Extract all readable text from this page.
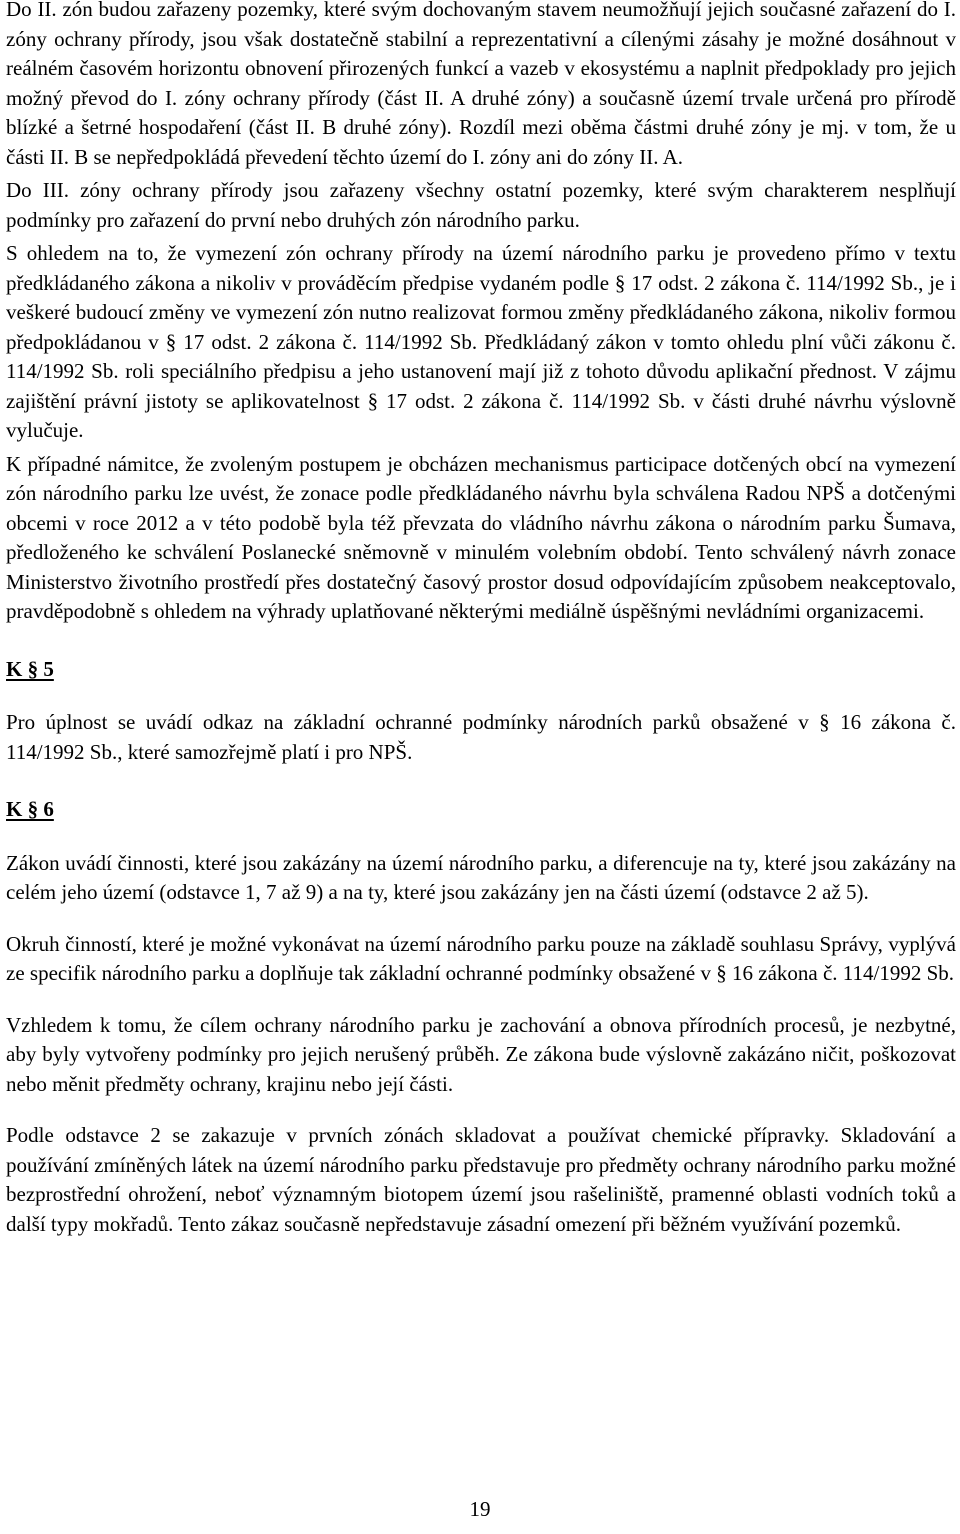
Do II. zón budou zařazeny pozemky, které svým dochovaným stavem neumožňují jejich současné zařazení do I. zóny ochrany přírody, jsou však dostatečně stabilní a reprezentativní a cílenými zásahy je možné dosáhnout v reálném časovém horizontu obnovení přirozených funkcí a vazeb v ekosystému a naplnit předpoklady pro jejich možný převod do I. zóny ochrany přírody (část II. A druhé zóny) a současně území trvale určená pro přírodě blízké a šetrné hospodaření (část II. B druhé zóny). Rozdíl mezi oběma částmi druhé zóny je mj. v tom, že u části II. B se nepředpokládá převedení těchto území do I. zóny ani do zóny II. A.

Do III. zóny ochrany přírody jsou zařazeny všechny ostatní pozemky, které svým charakterem nesplňují podmínky pro zařazení do první nebo druhých zón národního parku.

S ohledem na to, že vymezení zón ochrany přírody na území národního parku je provedeno přímo v textu předkládaného zákona a nikoliv v prováděcím předpise vydaném podle § 17 odst. 2 zákona č. 114/1992 Sb., je i veškeré budoucí změny ve vymezení zón nutno realizovat formou změny předkládaného zákona, nikoliv formou předpokládanou v § 17 odst. 2 zákona č. 114/1992 Sb. Předkládaný zákon v tomto ohledu plní vůči zákonu č. 114/1992 Sb. roli speciálního předpisu a jeho ustanovení mají již z tohoto důvodu aplikační přednost. V zájmu zajištění právní jistoty se aplikovatelnost § 17 odst. 2 zákona č. 114/1992 Sb. v části druhé návrhu výslovně vylučuje.

K případné námitce, že zvoleným postupem je obcházen mechanismus participace dotčených obcí na vymezení zón národního parku lze uvést, že zonace podle předkládaného návrhu byla schválena Radou NPŠ a dotčenými obcemi v roce 2012 a v této podobě byla též převzata do vládního návrhu zákona o národním parku Šumava, předloženého ke schválení Poslanecké sněmovně v minulém volebním období. Tento schválený návrh zonace Ministerstvo životního prostředí přes dostatečný časový prostor dosud odpovídajícím způsobem neakceptovalo, pravděpodobně s ohledem na výhrady uplatňované některými mediálně úspěšnými nevládními organizacemi.

K § 5

Pro úplnost se uvádí odkaz na základní ochranné podmínky národních parků obsažené v § 16 zákona č. 114/1992 Sb., které samozřejmě platí i pro NPŠ.

K § 6

Zákon uvádí činnosti, které jsou zakázány na území národního parku, a diferencuje na ty, které jsou zakázány na celém jeho území (odstavce 1, 7 až 9) a na ty, které jsou zakázány jen na části území (odstavce 2 až 5).

Okruh činností, které je možné vykonávat na území národního parku pouze na základě souhlasu Správy, vyplývá ze specifik národního parku a doplňuje tak základní ochranné podmínky obsažené v § 16 zákona č. 114/1992 Sb.

Vzhledem k tomu, že cílem ochrany národního parku je zachování a obnova přírodních procesů, je nezbytné, aby byly vytvořeny podmínky pro jejich nerušený průběh. Ze zákona bude výslovně zakázáno ničit, poškozovat nebo měnit předměty ochrany, krajinu nebo její části.

Podle odstavce 2 se zakazuje v prvních zónách skladovat a používat chemické přípravky. Skladování a používání zmíněných látek na území národního parku představuje pro předměty ochrany národního parku možné bezprostřední ohrožení, neboť významným biotopem území jsou rašeliniště, pramenné oblasti vodních toků a další typy mokřadů. Tento zákaz současně nepředstavuje zásadní omezení při běžném využívání pozemků.

19
